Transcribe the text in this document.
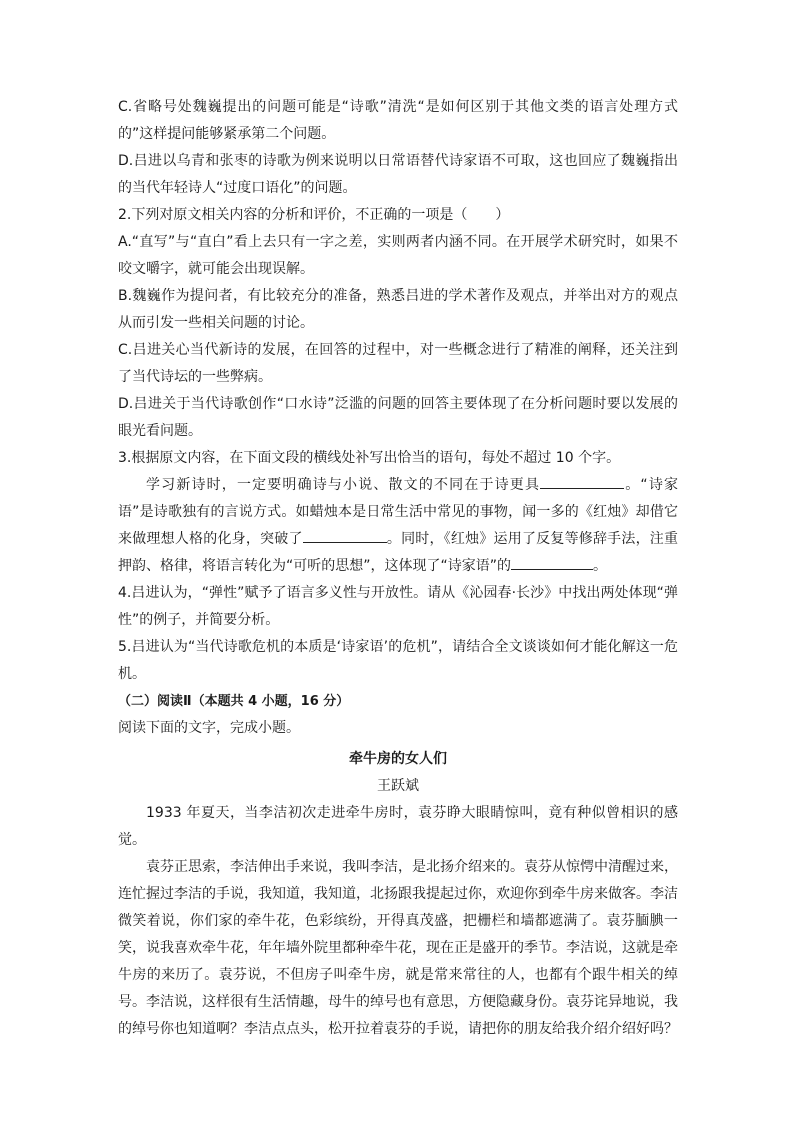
C.省略号处魏巍提出的问题可能是“诗歌”清洗“是如何区别于其他文类的语言处理方式的”这样提问能够紧承第二个问题。

D.吕进以乌青和张枣的诗歌为例来说明以日常语替代诗家语不可取，这也回应了魏巍指出的当代年轻诗人“过度口语化”的问题。

2.下列对原文相关内容的分析和评价，不正确的一项是（　　）

A.“直写”与“直白”看上去只有一字之差，实则两者内涵不同。在开展学术研究时，如果不咬文嚼字，就可能会出现误解。

B.魏巍作为提问者，有比较充分的准备，熟悉吕进的学术著作及观点，并举出对方的观点从而引发一些相关问题的讨论。

C.吕进关心当代新诗的发展，在回答的过程中，对一些概念进行了精准的阐释，还关注到了当代诗坛的一些弊病。

D.吕进关于当代诗歌创作“口水诗”泛滥的问题的回答主要体现了在分析问题时要以发展的眼光看问题。

3.根据原文内容，在下面文段的横线处补写出恰当的语句，每处不超过 10 个字。

学习新诗时，一定要明确诗与小说、散文的不同在于诗更具	。“诗家语”是诗歌独有的言说方式。如蜡烛本是日常生活中常见的事物，闻一多的《红烛》却借它来做理想人格的化身，突破了	。同时，《红烛》运用了反复等修辞手法，注重押韵、格律，将语言转化为“可听的思想”，这体现了“诗家语”的	。

4.吕进认为，“弹性”赋予了语言多义性与开放性。请从《沁园春·长沙》中找出两处体现“弹性”的例子，并简要分析。

5.吕进认为“当代诗歌危机的本质是‘诗家语’的危机”，请结合全文谈谈如何才能化解这一危机。

（二）阅读Ⅱ（本题共 4 小题，16 分）

阅读下面的文字，完成小题。

牵牛房的女人们

王跃斌

1933 年夏天，当李洁初次走进牵牛房时，袁芬睁大眼睛惊叫，竟有种似曾相识的感觉。

袁芬正思索，李洁伸出手来说，我叫李洁，是北扬介绍来的。袁芬从惊愕中清醒过来，连忙握过李洁的手说，我知道，我知道，北扬跟我提起过你，欢迎你到牵牛房来做客。李洁微笑着说，你们家的牵牛花，色彩缤纷，开得真茂盛，把栅栏和墙都遮满了。袁芬腼腆一笑，说我喜欢牵牛花，年年墙外院里都种牵牛花，现在正是盛开的季节。李洁说，这就是牵牛房的来历了。袁芬说，不但房子叫牵牛房，就是常来常往的人，也都有个跟牛相关的绰号。李洁说，这样很有生活情趣，母牛的绰号也有意思，方便隐藏身份。袁芬诧异地说，我的绰号你也知道啊？李洁点点头，松开拉着袁芬的手说，请把你的朋友给我介绍介绍好吗？
